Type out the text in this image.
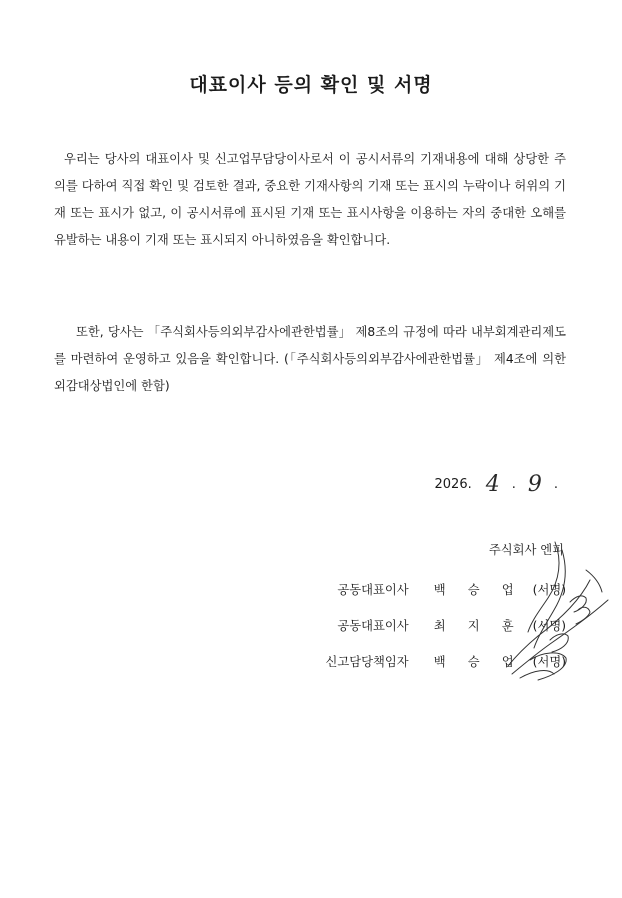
대표이사 등의 확인 및 서명
우리는 당사의 대표이사 및 신고업무담당이사로서 이 공시서류의 기재내용에 대해 상당한 주의를 다하여 직접 확인 및 검토한 결과, 중요한 기재사항의 기재 또는 표시의 누락이나 허위의 기재 또는 표시가 없고, 이 공시서류에 표시된 기재 또는 표시사항을 이용하는 자의 중대한 오해를 유발하는 내용이 기재 또는 표시되지 아니하였음을 확인합니다.
또한, 당사는 「주식회사등의외부감사에관한법률」 제8조의 규정에 따라 내부회계관리제도를 마련하여 운영하고 있음을 확인합니다. (「주식회사등의외부감사에관한법률」 제4조에 의한 외감대상법인에 한함)
2026. 4 . 9 .
주식회사 엔피
공동대표이사	백 승 업	(서명)
공동대표이사	최 지 훈	(서명)
신고담당책임자	백 승 업	(서명)
